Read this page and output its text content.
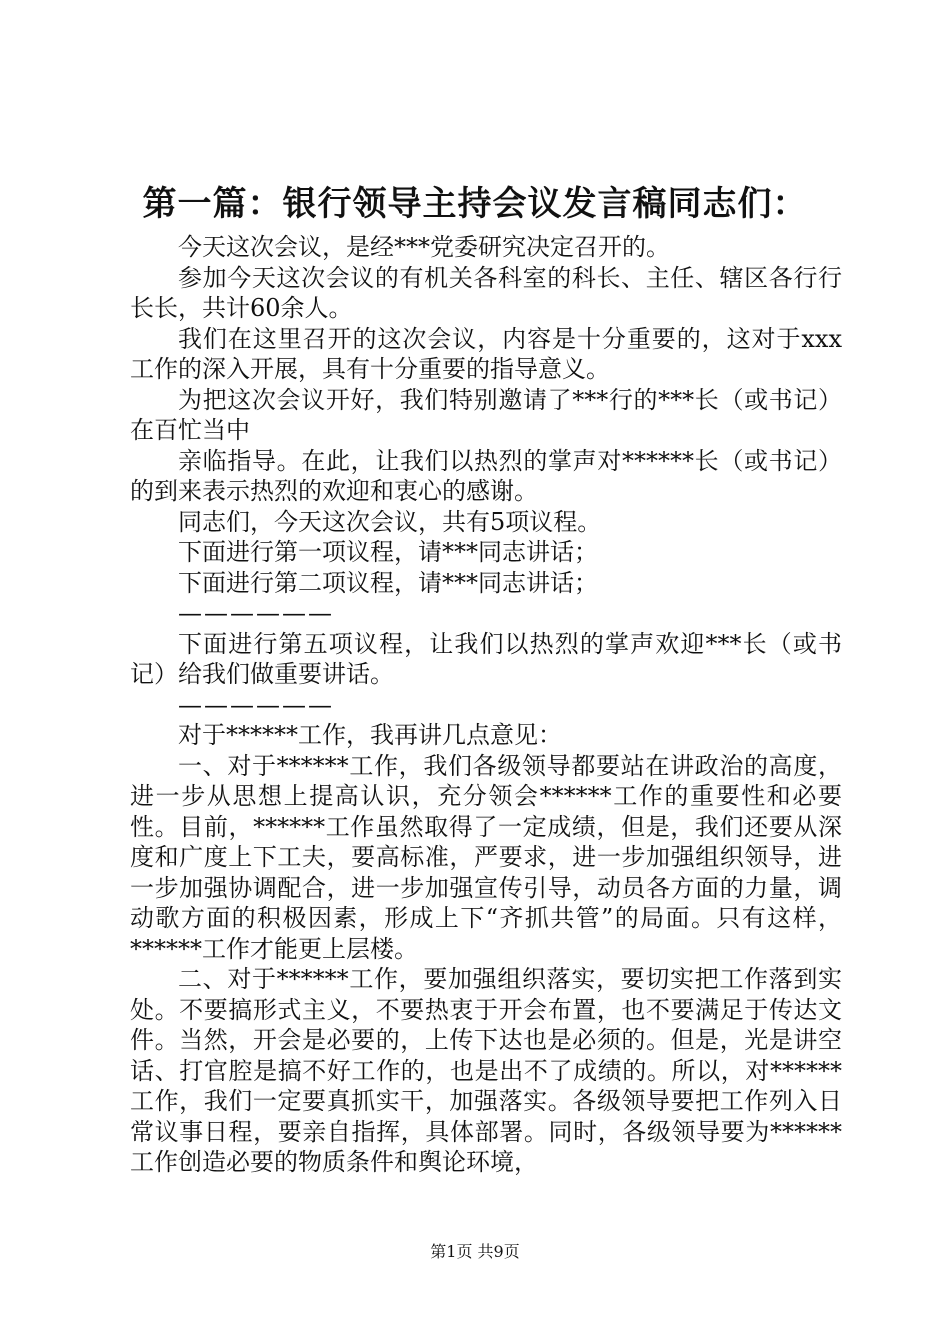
第一篇：银行领导主持会议发言稿同志们：

今天这次会议，是经***党委研究决定召开的。

参加今天这次会议的有机关各科室的科长、主任、辖区各行行长长，共计60余人。

我们在这里召开的这次会议，内容是十分重要的，这对于xxx工作的深入开展，具有十分重要的指导意义。

为把这次会议开好，我们特别邀请了***行的***长（或书记）在百忙当中

亲临指导。在此，让我们以热烈的掌声对******长（或书记）的到来表示热烈的欢迎和衷心的感谢。

同志们，今天这次会议，共有5项议程。

下面进行第一项议程，请***同志讲话；

下面进行第二项议程，请***同志讲话；

——————

下面进行第五项议程，让我们以热烈的掌声欢迎***长（或书记）给我们做重要讲话。

——————

对于******工作，我再讲几点意见：

一、对于******工作，我们各级领导都要站在讲政治的高度，进一步从思想上提高认识，充分领会******工作的重要性和必要性。目前，******工作虽然取得了一定成绩，但是，我们还要从深度和广度上下工夫，要高标准，严要求，进一步加强组织领导，进一步加强协调配合，进一步加强宣传引导，动员各方面的力量，调动歌方面的积极因素，形成上下“齐抓共管”的局面。只有这样，******工作才能更上层楼。

二、对于******工作，要加强组织落实，要切实把工作落到实处。不要搞形式主义，不要热衷于开会布置，也不要满足于传达文件。当然，开会是必要的，上传下达也是必须的。但是，光是讲空话、打官腔是搞不好工作的，也是出不了成绩的。所以，对******工作，我们一定要真抓实干，加强落实。各级领导要把工作列入日常议事日程，要亲自指挥，具体部署。同时，各级领导要为******工作创造必要的物质条件和舆论环境，

第1页 共9页
